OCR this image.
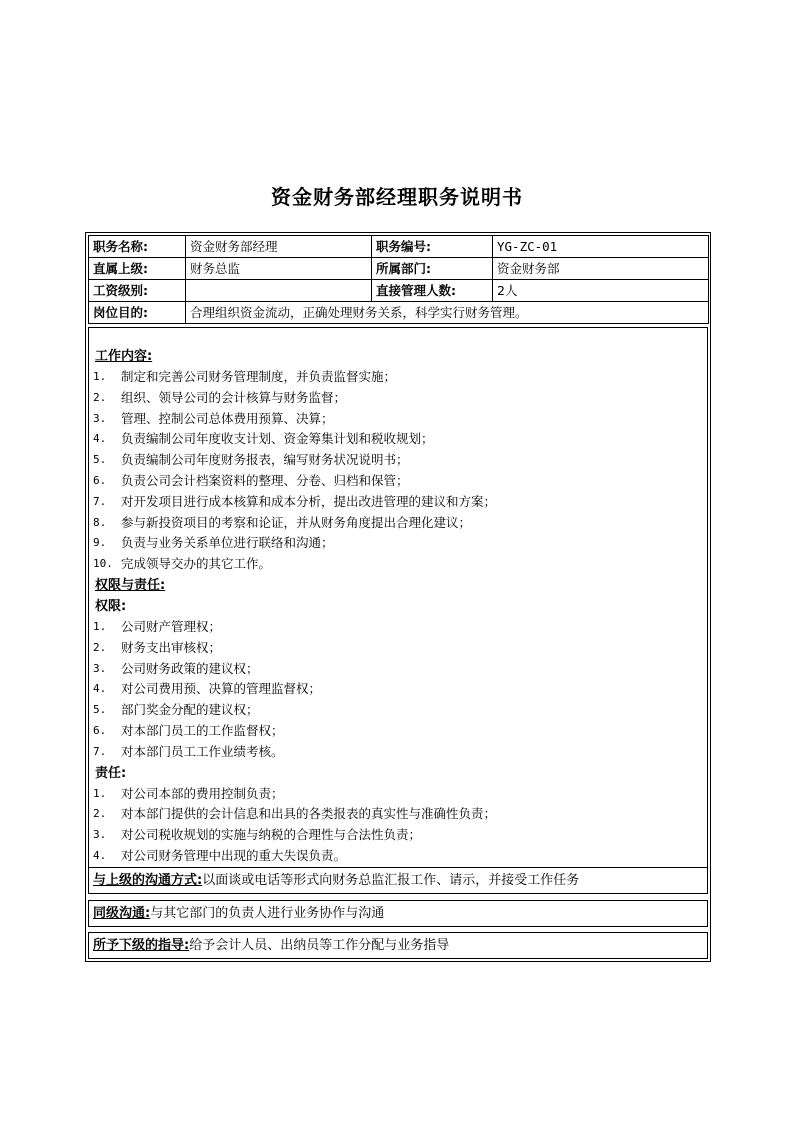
资金财务部经理职务说明书
职务名称:	资金财务部经理	职务编号:	YG-ZC-01
直属上级:	财务总监	所属部门:	资金财务部
工资级别:		直接管理人数:	2人
岗位目的:	合理组织资金流动，正确处理财务关系，科学实行财务管理。		
工作内容:
1.	制定和完善公司财务管理制度，并负责监督实施；
2.	组织、领导公司的会计核算与财务监督；
3.	管理、控制公司总体费用预算、决算；
4.	负责编制公司年度收支计划、资金筹集计划和税收规划；
5.	负责编制公司年度财务报表，编写财务状况说明书；
6.	负责公司会计档案资料的整理、分卷、归档和保管；
7.	对开发项目进行成本核算和成本分析，提出改进管理的建议和方案；
8.	参与新投资项目的考察和论证，并从财务角度提出合理化建议；
9.	负责与业务关系单位进行联络和沟通；
10. 完成领导交办的其它工作。
权限与责任:
权限:
1.	公司财产管理权；
2.	财务支出审核权；
3.	公司财务政策的建议权；
4.	对公司费用预、决算的管理监督权；
5.	部门奖金分配的建议权；
6.	对本部门员工的工作监督权；
7.	对本部门员工工作业绩考核。
责任:
1.	对公司本部的费用控制负责；
2.	对本部门提供的会计信息和出具的各类报表的真实性与准确性负责；
3.	对公司税收规划的实施与纳税的合理性与合法性负责；
4.	对公司财务管理中出现的重大失误负责。
与上级的沟通方式:以面谈或电话等形式向财务总监汇报工作、请示，并接受工作任务
同级沟通:与其它部门的负责人进行业务协作与沟通
所予下级的指导:给予会计人员、出纳员等工作分配与业务指导
